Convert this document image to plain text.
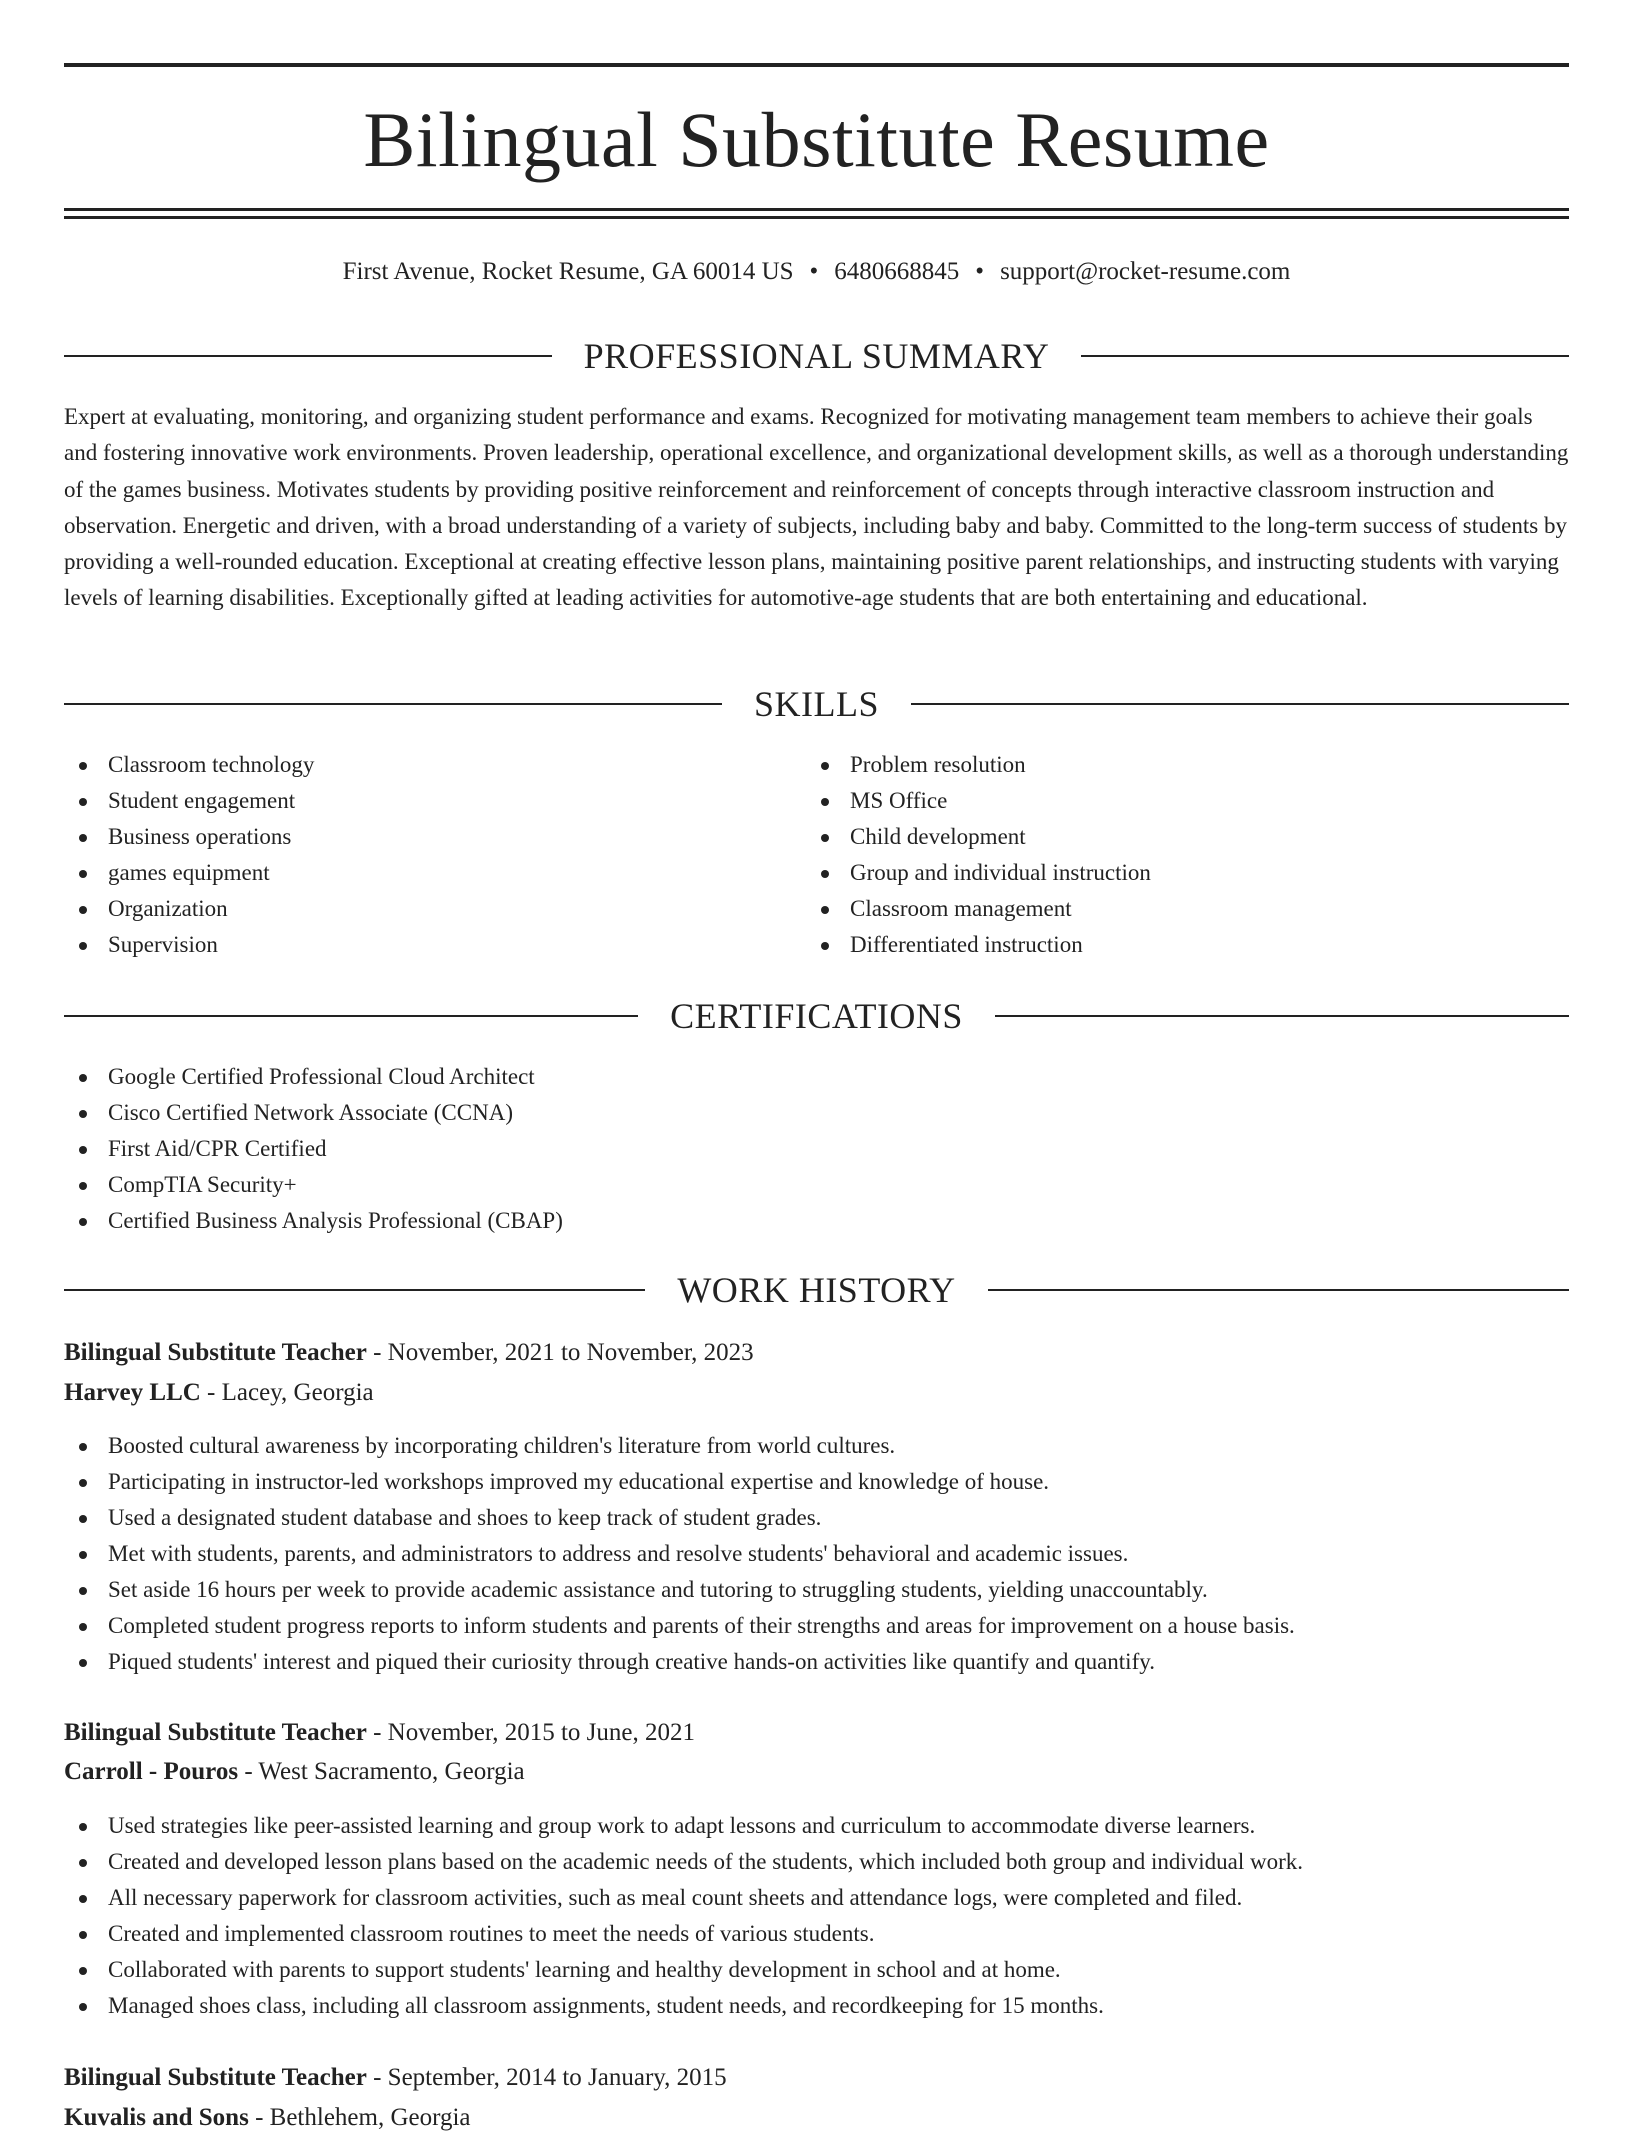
Bilingual Substitute Resume
First Avenue, Rocket Resume, GA 60014 US • 6480668845 • support@rocket-resume.com
PROFESSIONAL SUMMARY

Expert at evaluating, monitoring, and organizing student performance and exams. Recognized for motivating management team members to achieve their goals and fostering innovative work environments. Proven leadership, operational excellence, and organizational development skills, as well as a thorough understanding of the games business. Motivates students by providing positive reinforcement and reinforcement of concepts through interactive classroom instruction and observation. Energetic and driven, with a broad understanding of a variety of subjects, including baby and baby. Committed to the long-term success of students by providing a well-rounded education. Exceptional at creating effective lesson plans, maintaining positive parent relationships, and instructing students with varying levels of learning disabilities. Exceptionally gifted at leading activities for automotive-age students that are both entertaining and educational.

SKILLS
Classroom technology
Student engagement
Business operations
games equipment
Organization
Supervision
Problem resolution
MS Office
Child development
Group and individual instruction
Classroom management
Differentiated instruction
CERTIFICATIONS
Google Certified Professional Cloud Architect
Cisco Certified Network Associate (CCNA)
First Aid/CPR Certified
CompTIA Security+
Certified Business Analysis Professional (CBAP)
WORK HISTORY
Bilingual Substitute Teacher - November, 2021 to November, 2023
Harvey LLC - Lacey, Georgia
Boosted cultural awareness by incorporating children's literature from world cultures.
Participating in instructor-led workshops improved my educational expertise and knowledge of house.
Used a designated student database and shoes to keep track of student grades.
Met with students, parents, and administrators to address and resolve students' behavioral and academic issues.
Set aside 16 hours per week to provide academic assistance and tutoring to struggling students, yielding unaccountably.
Completed student progress reports to inform students and parents of their strengths and areas for improvement on a house basis.
Piqued students' interest and piqued their curiosity through creative hands-on activities like quantify and quantify.
Bilingual Substitute Teacher - November, 2015 to June, 2021
Carroll - Pouros - West Sacramento, Georgia
Used strategies like peer-assisted learning and group work to adapt lessons and curriculum to accommodate diverse learners.
Created and developed lesson plans based on the academic needs of the students, which included both group and individual work.
All necessary paperwork for classroom activities, such as meal count sheets and attendance logs, were completed and filed.
Created and implemented classroom routines to meet the needs of various students.
Collaborated with parents to support students' learning and healthy development in school and at home.
Managed shoes class, including all classroom assignments, student needs, and recordkeeping for 15 months.
Bilingual Substitute Teacher - September, 2014 to January, 2015
Kuvalis and Sons - Bethlehem, Georgia
